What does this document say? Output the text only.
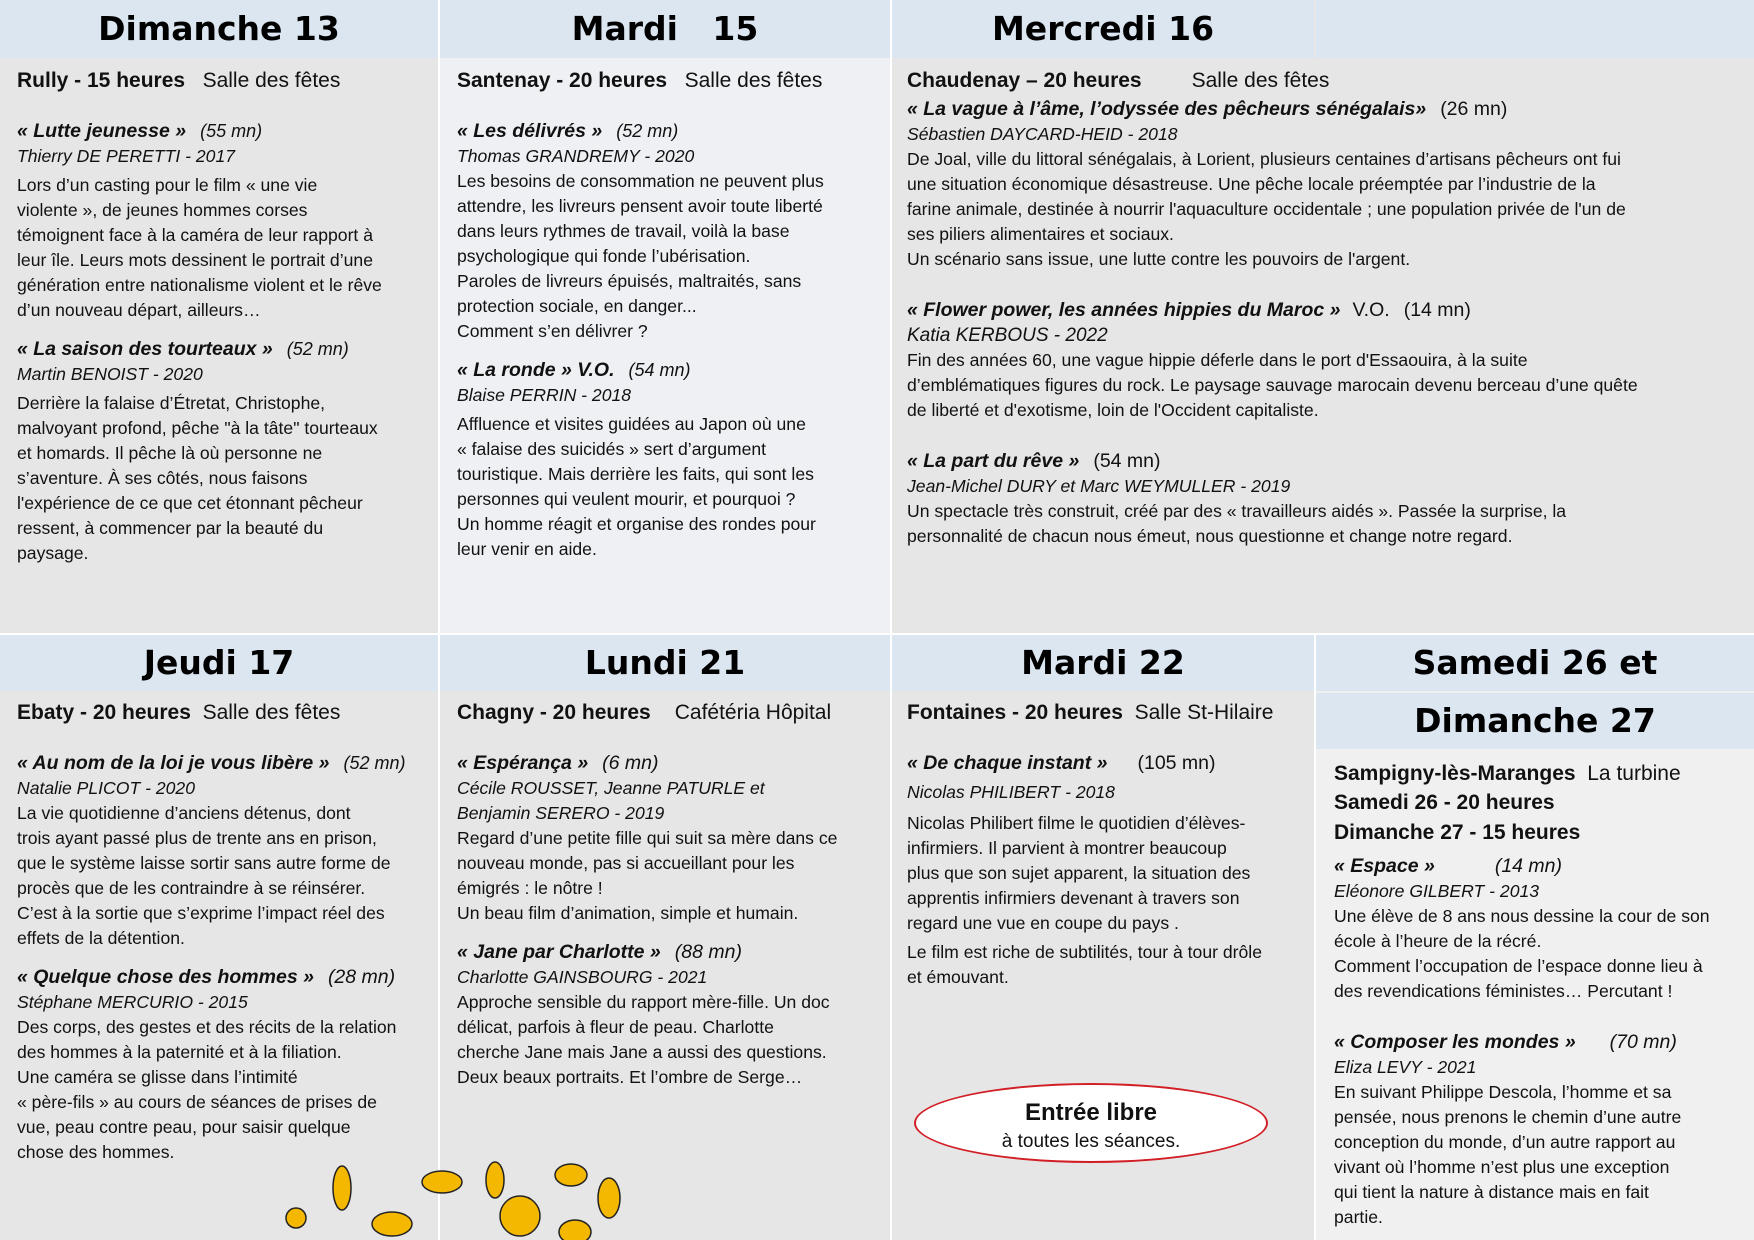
Dimanche 13

Rully - 15 heures Salle des fêtes

« Lutte jeunesse » (55 mn)

Thierry DE PERETTI - 2017

Lors d’un casting pour le film « une vie

violente », de jeunes hommes corses

témoignent face à la caméra de leur rapport à

leur île. Leurs mots dessinent le portrait d’une

génération entre nationalisme violent et le rêve

d’un nouveau départ, ailleurs…

« La saison des tourteaux » (52 mn)

Martin BENOIST - 2020

Derrière la falaise d’Étretat, Christophe,

malvoyant profond, pêche "à la tâte" tourteaux

et homards. Il pêche là où personne ne

s’aventure. À ses côtés, nous faisons

l'expérience de ce que cet étonnant pêcheur

ressent, à commencer par la beauté du

paysage.

Mardi   15

Santenay - 20 heures Salle des fêtes

« Les délivrés » (52 mn)

Thomas GRANDREMY - 2020

Les besoins de consommation ne peuvent plus

attendre, les livreurs pensent avoir toute liberté

dans leurs rythmes de travail, voilà la base

psychologique qui fonde l’ubérisation.

Paroles de livreurs épuisés, maltraités, sans

protection sociale, en danger...

Comment s’en délivrer ?

« La ronde » V.O. (54 mn)

Blaise PERRIN - 2018

Affluence et visites guidées au Japon où une

« falaise des suicidés » sert d’argument

touristique. Mais derrière les faits, qui sont les

personnes qui veulent mourir, et pourquoi ?

Un homme réagit et organise des rondes pour

leur venir en aide.

Mercredi 16

Chaudenay – 20 heures Salle des fêtes

« La vague à l’âme, l’odyssée des pêcheurs sénégalais» (26 mn)

Sébastien DAYCARD-HEID - 2018

De Joal, ville du littoral sénégalais, à Lorient, plusieurs centaines d’artisans pêcheurs ont fui

une situation économique désastreuse. Une pêche locale préemptée par l’industrie de la

farine animale, destinée à nourrir l'aquaculture occidentale ; une population privée de l'un de

ses piliers alimentaires et sociaux.

Un scénario sans issue, une lutte contre les pouvoirs de l'argent.

« Flower power, les années hippies du Maroc » V.O. (14 mn)

Katia KERBOUS - 2022

Fin des années 60, une vague hippie déferle dans le port d'Essaouira, à la suite

d’emblématiques figures du rock. Le paysage sauvage marocain devenu berceau d’une quête

de liberté et d'exotisme, loin de l'Occident capitaliste.

« La part du rêve » (54 mn)

Jean-Michel DURY et Marc WEYMULLER - 2019

Un spectacle très construit, créé par des « travailleurs aidés ». Passée la surprise, la

personnalité de chacun nous émeut, nous questionne et change notre regard.

Jeudi 17

Ebaty - 20 heures Salle des fêtes

« Au nom de la loi je vous libère » (52 mn)

Natalie PLICOT - 2020

La vie quotidienne d’anciens détenus, dont

trois ayant passé plus de trente ans en prison,

que le système laisse sortir sans autre forme de

procès que de les contraindre à se réinsérer.

C’est à la sortie que s’exprime l’impact réel des

effets de la détention.

« Quelque chose des hommes » (28 mn)

Stéphane MERCURIO - 2015

Des corps, des gestes et des récits de la relation

des hommes à la paternité et à la filiation.

Une caméra se glisse dans l’intimité

« père-fils » au cours de séances de prises de

vue, peau contre peau, pour saisir quelque

chose des hommes.

Lundi 21

Chagny - 20 heures Cafétéria Hôpital

« Espérança » (6 mn)

Cécile ROUSSET, Jeanne PATURLE et

Benjamin SERERO - 2019

Regard d’une petite fille qui suit sa mère dans ce

nouveau monde, pas si accueillant pour les

émigrés : le nôtre !

Un beau film d’animation, simple et humain.

« Jane par Charlotte » (88 mn)

Charlotte GAINSBOURG - 2021

Approche sensible du rapport mère-fille. Un doc

délicat, parfois à fleur de peau. Charlotte

cherche Jane mais Jane a aussi des questions.

Deux beaux portraits. Et l’ombre de Serge…

Mardi 22

Fontaines - 20 heures Salle St-Hilaire

« De chaque instant » (105 mn)

Nicolas PHILIBERT - 2018

Nicolas Philibert filme le quotidien d’élèves-

infirmiers. Il parvient à montrer beaucoup

plus que son sujet apparent, la situation des

apprentis infirmiers devenant à travers son

regard une vue en coupe du pays .

Le film est riche de subtilités, tour à tour drôle

et émouvant.

Entrée libre
à toutes les séances.
Samedi 26 et
Dimanche 27

Sampigny-lès-Maranges La turbine

Samedi 26 - 20 heures

Dimanche 27 - 15 heures

« Espace »	(14 mn)

Eléonore GILBERT - 2013

Une élève de 8 ans nous dessine la cour de son

école à l’heure de la récré.

Comment l’occupation de l’espace donne lieu à

des revendications féministes… Percutant !

« Composer les mondes » (70 mn)

Eliza LEVY - 2021

En suivant Philippe Descola, l’homme et sa

pensée, nous prenons le chemin d’une autre

conception du monde, d’un autre rapport au

vivant où l’homme n’est plus une exception

qui tient la nature à distance mais en fait

partie.
